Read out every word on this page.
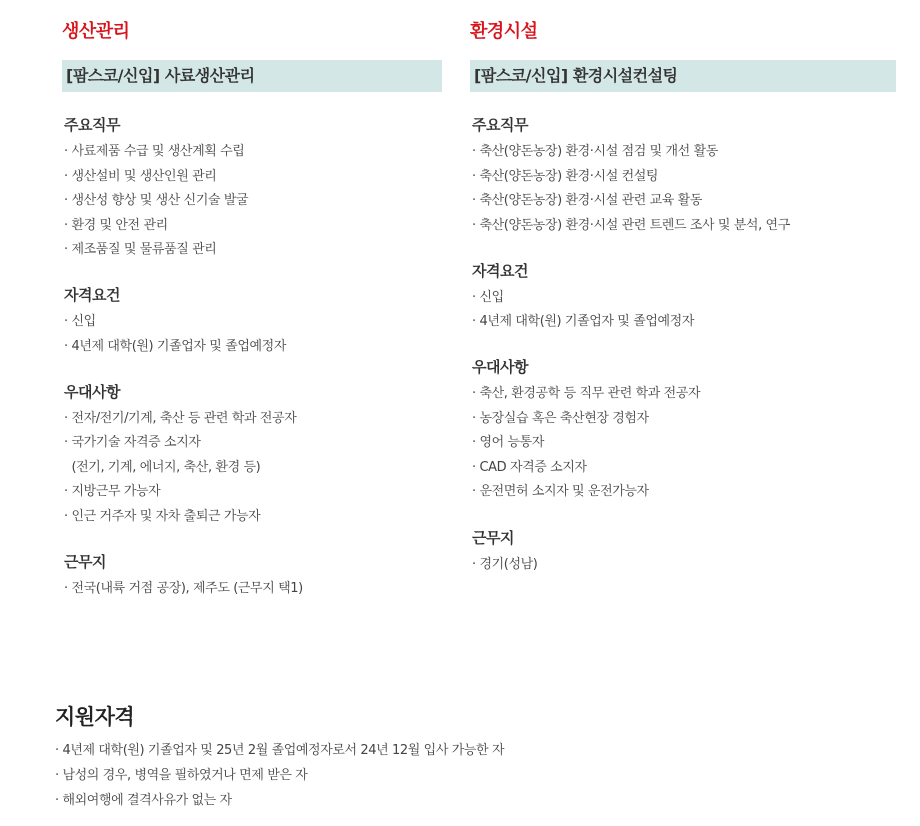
생산관리
[팜스코/신입] 사료생산관리
주요직무
· 사료제품 수급 및 생산계획 수립
· 생산설비 및 생산인원 관리
· 생산성 향상 및 생산 신기술 발굴
· 환경 및 안전 관리
· 제조품질 및 물류품질 관리
자격요건
· 신입
· 4년제 대학(원) 기졸업자 및 졸업예정자
우대사항
· 전자/전기/기계, 축산 등 관련 학과 전공자
· 국가기술 자격증 소지자
(전기, 기계, 에너지, 축산, 환경 등)
· 지방근무 가능자
· 인근 거주자 및 자차 출퇴근 가능자
근무지
· 전국(내륙 거점 공장), 제주도 (근무지 택1)
환경시설
[팜스코/신입] 환경시설컨설팅
주요직무
· 축산(양돈농장) 환경·시설 점검 및 개선 활동
· 축산(양돈농장) 환경·시설 컨설팅
· 축산(양돈농장) 환경·시설 관련 교육 활동
· 축산(양돈농장) 환경·시설 관련 트렌드 조사 및 분석, 연구
자격요건
· 신입
· 4년제 대학(원) 기졸업자 및 졸업예정자
우대사항
· 축산, 환경공학 등 직무 관련 학과 전공자
· 농장실습 혹은 축산현장 경험자
· 영어 능통자
· CAD 자격증 소지자
· 운전면허 소지자 및 운전가능자
근무지
· 경기(성남)
지원자격
· 4년제 대학(원) 기졸업자 및 25년 2월 졸업예정자로서 24년 12월 입사 가능한 자
· 남성의 경우, 병역을 필하였거나 면제 받은 자
· 해외여행에 결격사유가 없는 자
